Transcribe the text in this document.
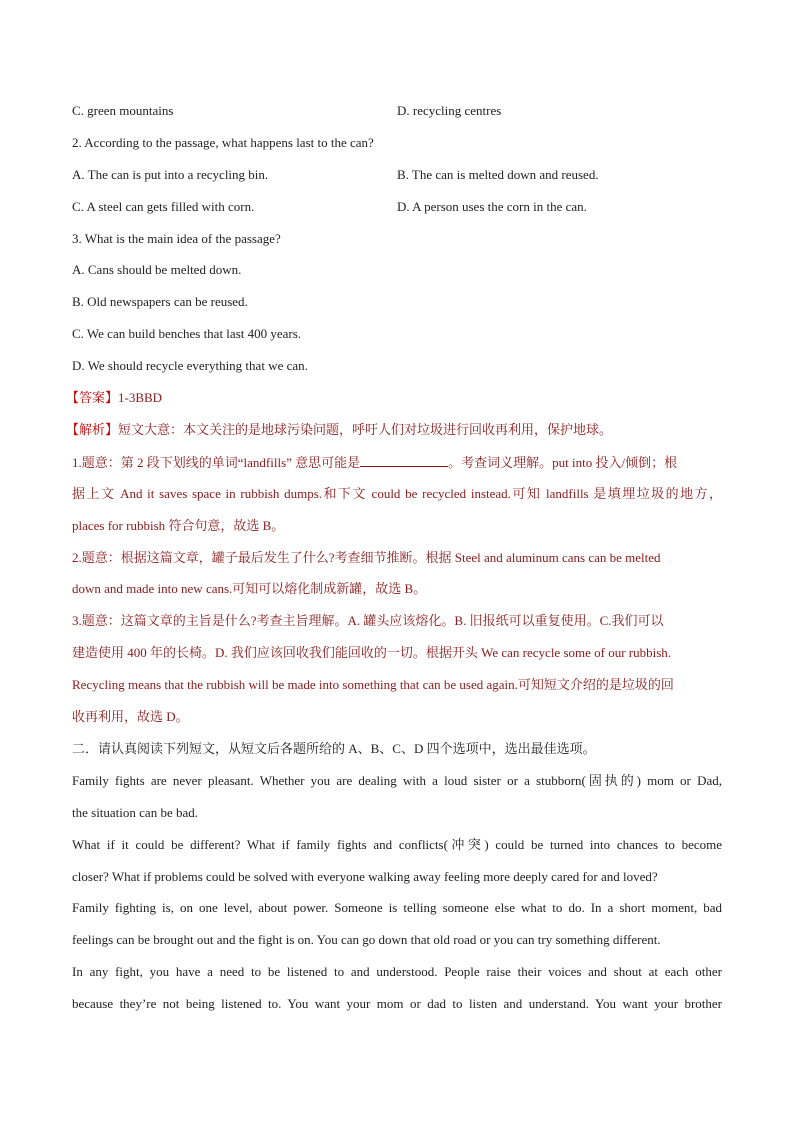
C. green mountains	D. recycling centres
2. According to the passage, what happens last to the can?
A. The can is put into a recycling bin.	B. The can is melted down and reused.
C. A steel can gets filled with corn.	D. A person uses the corn in the can.
3. What is the main idea of the passage?
A. Cans should be melted down.
B. Old newspapers can be reused.
C. We can build benches that last 400 years.
D. We should recycle everything that we can.
【答案】1-3BBD
【解析】短文大意：本文关注的是地球污染问题，呼吁人们对垃圾进行回收再利用，保护地球。
1.题意：第 2 段下划线的单词“landfills” 意思可能是	。考查词义理解。put into 投入/倾倒；根
据上文 And it saves space in rubbish dumps.和下文 could be recycled instead.可知 landfills 是填埋垃圾的地方，
places for rubbish 符合句意，故选 B。
2.题意：根据这篇文章，罐子最后发生了什么?考查细节推断。根据 Steel and aluminum cans can be melted
down and made into new cans.可知可以熔化制成新罐，故选 B。
3.题意：这篇文章的主旨是什么?考查主旨理解。A. 罐头应该熔化。B. 旧报纸可以重复使用。C.我们可以
建造使用 400 年的长椅。D. 我们应该回收我们能回收的一切。根据开头 We can recycle some of our rubbish.
Recycling means that the rubbish will be made into something that can be used again.可知短文介绍的是垃圾的回
收再利用，故选 D。
二．请认真阅读下列短文，从短文后各题所给的 A、B、C、D 四个选项中，选出最佳选项。
Family fights are never pleasant. Whether you are dealing with a loud sister or a stubborn(固执的) mom or Dad,
the situation can be bad.
What if it could be different? What if family fights and conflicts(冲突) could be turned into chances to become
closer? What if problems could be solved with everyone walking away feeling more deeply cared for and loved?
Family fighting is, on one level, about power. Someone is telling someone else what to do. In a short moment, bad
feelings can be brought out and the fight is on. You can go down that old road or you can try something different.
In any fight, you have a need to be listened to and understood. People raise their voices and shout at each other
because they’re not being listened to. You want your mom or dad to listen and understand. You want your brother
